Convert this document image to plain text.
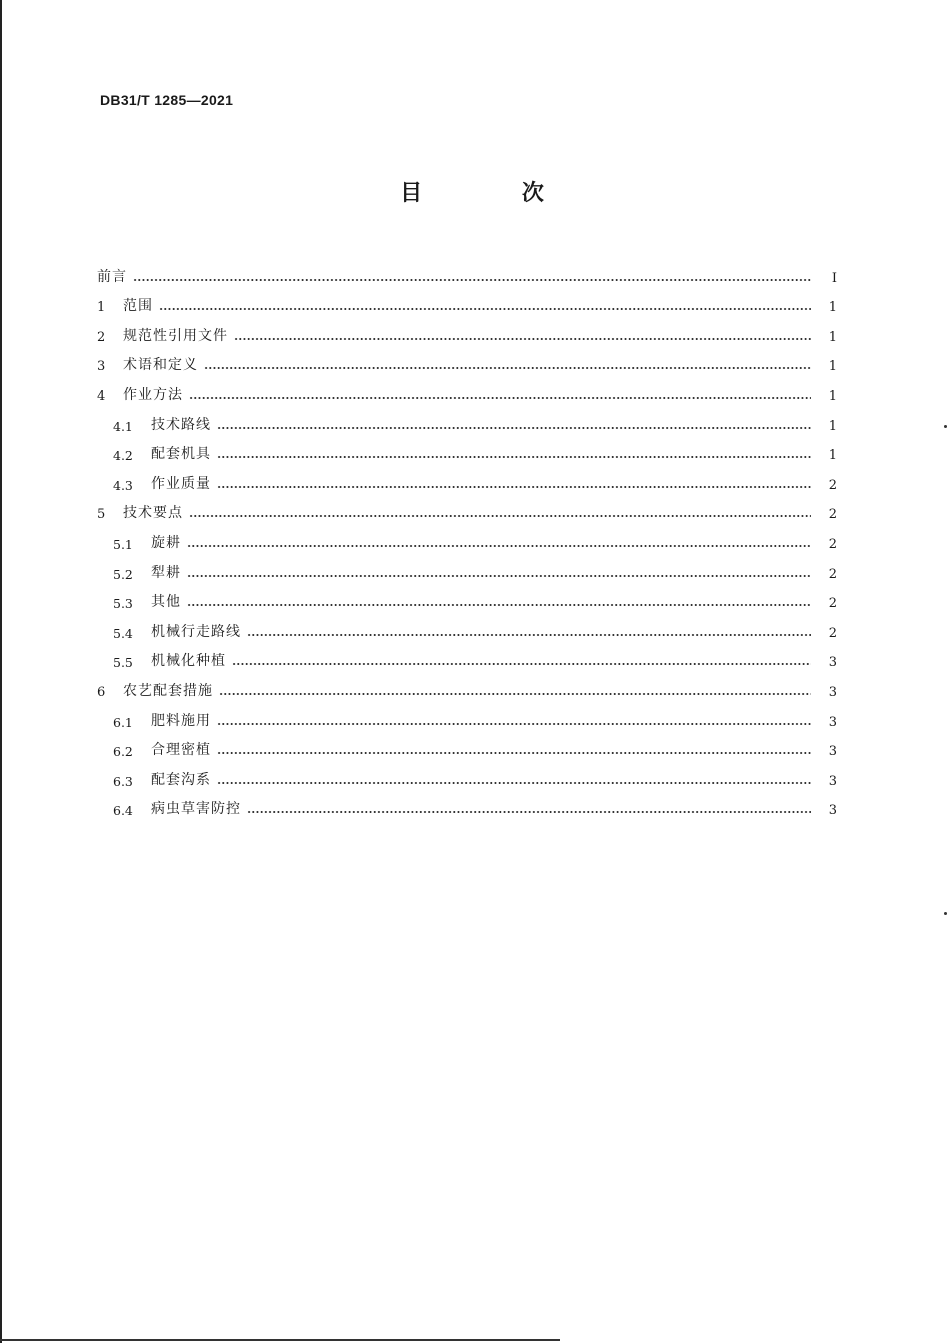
DB31/T 1285—2021
目 次
前言	I
1	范围	1
2	规范性引用文件	1
3	术语和定义	1
4	作业方法	1
4.1	技术路线	1
4.2	配套机具	1
4.3	作业质量	2
5	技术要点	2
5.1	旋耕	2
5.2	犁耕	2
5.3	其他	2
5.4	机械行走路线	2
5.5	机械化种植	3
6	农艺配套措施	3
6.1	肥料施用	3
6.2	合理密植	3
6.3	配套沟系	3
6.4	病虫草害防控	3
